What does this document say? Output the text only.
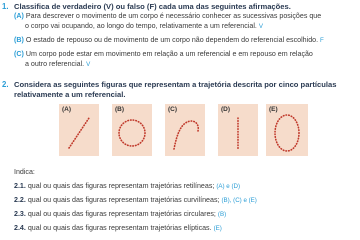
1. Classifica de verdadeiro (V) ou falso (F) cada uma das seguintes afirmações.
(A) Para descrever o movimento de um corpo é necessário conhecer as sucessivas posições que
o corpo vai ocupando, ao longo do tempo, relativamente a um referencial. V
(B) O estado de repouso ou de movimento de um corpo não dependem do referencial escolhido. F
(C) Um corpo pode estar em movimento em relação a um referencial e em repouso em relação
a outro referencial. V
2. Considera as seguintes figuras que representam a trajetória descrita por cinco partículas
relativamente a um referencial.
(A)	(B)	(C)	(D)	(E)
Indica:
2.1. qual ou quais das figuras representam trajetórias retilíneas; (A) e (D)
2.2. qual ou quais das figuras representam trajetórias curvilíneas; (B), (C) e (E)
2.3. qual ou quais das figuras representam trajetórias circulares; (B)
2.4. qual ou quais das figuras representam trajetórias elípticas. (E)
